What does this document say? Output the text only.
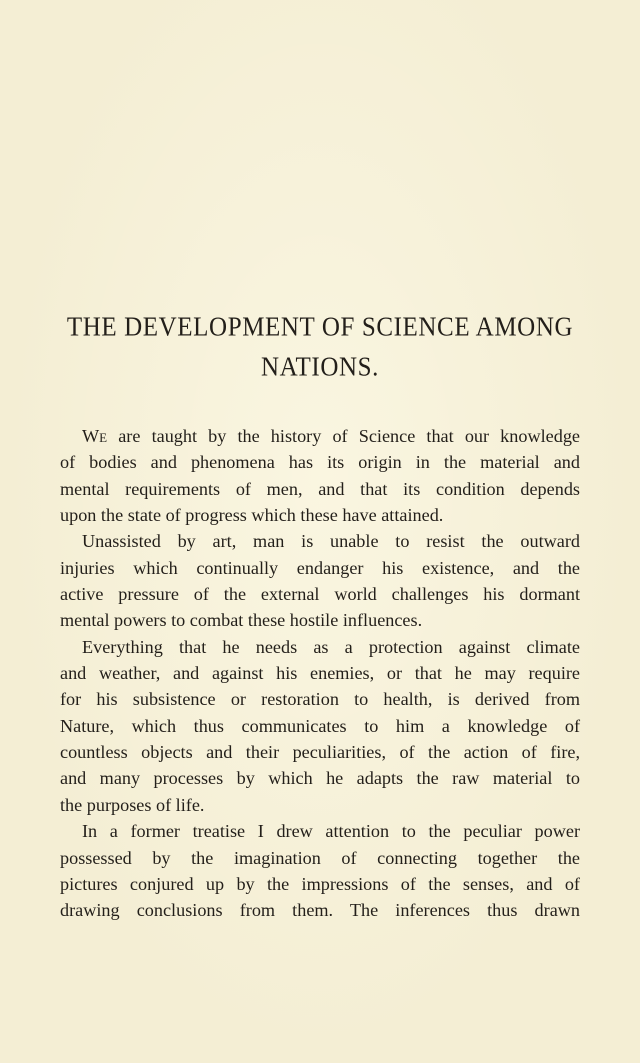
THE DEVELOPMENT OF SCIENCE AMONG
NATIONS.
We are taught by the history of Science that our knowledge
of bodies and phenomena has its origin in the material and
mental requirements of men, and that its condition depends
upon the state of progress which these have attained.
Unassisted by art, man is unable to resist the outward
injuries which continually endanger his existence, and the
active pressure of the external world challenges his dormant
mental powers to combat these hostile influences.
Everything that he needs as a protection against climate
and weather, and against his enemies, or that he may require
for his subsistence or restoration to health, is derived from
Nature, which thus communicates to him a knowledge of
countless objects and their peculiarities, of the action of fire,
and many processes by which he adapts the raw material to
the purposes of life.
In a former treatise I drew attention to the peculiar power
possessed by the imagination of connecting together the
pictures conjured up by the impressions of the senses, and of
drawing conclusions from them. The inferences thus drawn
